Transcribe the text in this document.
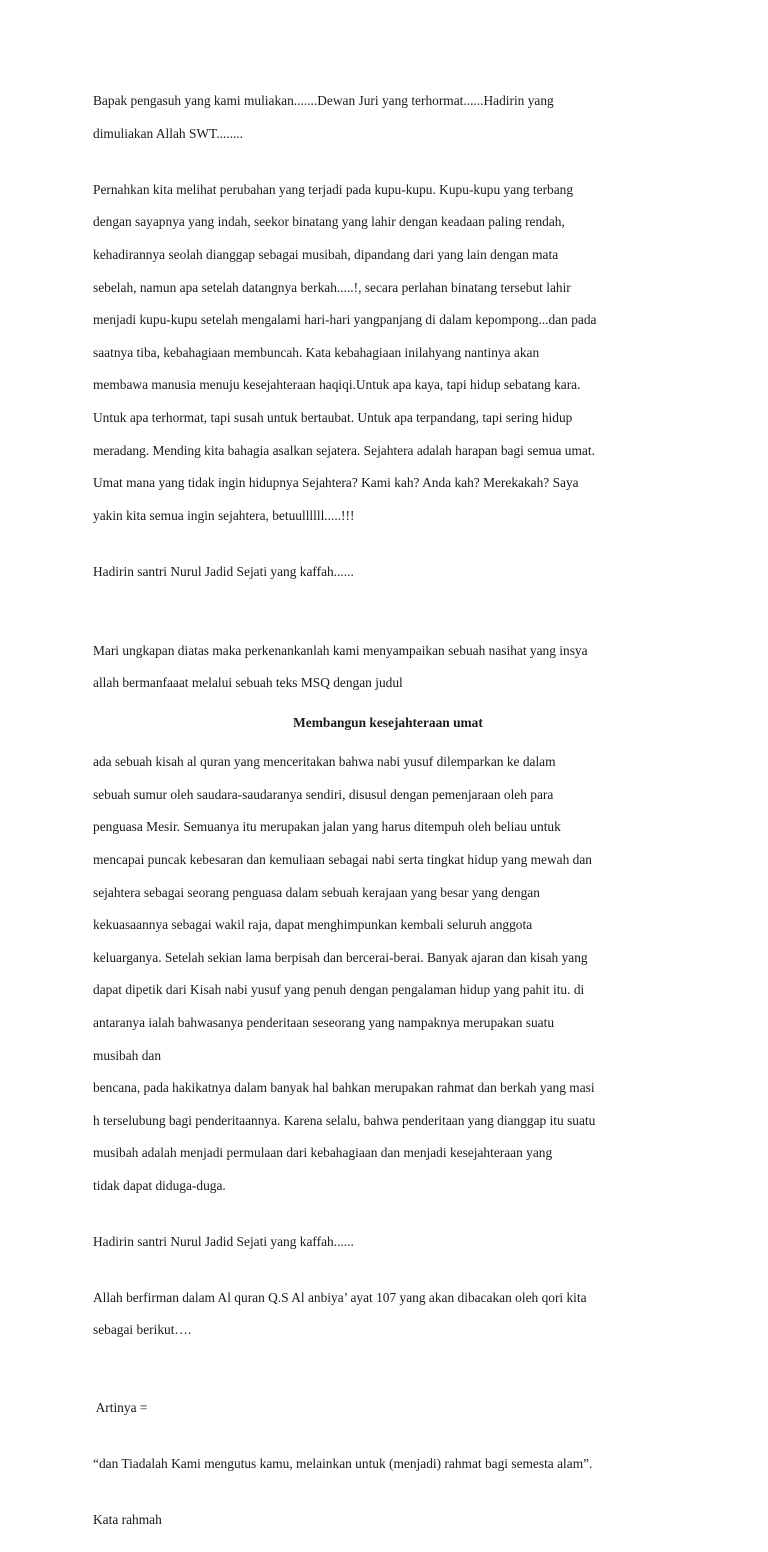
Bapak pengasuh yang kami muliakan.......Dewan Juri yang terhormat......Hadirin yang

dimuliakan Allah SWT........

Pernahkan kita melihat perubahan yang terjadi pada kupu-kupu. Kupu-kupu yang terbang

dengan sayapnya yang indah, seekor binatang yang lahir dengan keadaan paling rendah,

kehadirannya seolah dianggap sebagai musibah, dipandang dari yang lain dengan mata

sebelah, namun apa setelah datangnya berkah.....!, secara perlahan binatang tersebut lahir

menjadi kupu-kupu setelah mengalami hari-hari yangpanjang di dalam kepompong...dan pada

saatnya tiba, kebahagiaan membuncah. Kata kebahagiaan inilahyang nantinya akan

membawa manusia menuju kesejahteraan haqiqi.Untuk apa kaya, tapi hidup sebatang kara.

Untuk apa terhormat, tapi susah untuk bertaubat. Untuk apa terpandang, tapi sering hidup

meradang. Mending kita bahagia asalkan sejatera. Sejahtera adalah harapan bagi semua umat.

Umat mana yang tidak ingin hidupnya Sejahtera? Kami kah? Anda kah? Merekakah? Saya

yakin kita semua ingin sejahtera, betuullllll.....!!!

Hadirin santri Nurul Jadid Sejati yang kaffah......

Mari ungkapan diatas maka perkenankanlah kami menyampaikan sebuah nasihat yang insya

allah bermanfaaat melalui sebuah teks MSQ dengan judul

Membangun kesejahteraan umat

ada sebuah kisah al quran yang menceritakan bahwa nabi yusuf dilemparkan ke dalam

sebuah sumur oleh saudara-saudaranya sendiri, disusul dengan pemenjaraan oleh para

penguasa Mesir. Semuanya itu merupakan jalan yang harus ditempuh oleh beliau untuk

mencapai puncak kebesaran dan kemuliaan sebagai nabi serta tingkat hidup yang mewah dan

sejahtera sebagai seorang penguasa dalam sebuah kerajaan yang besar yang dengan

kekuasaannya sebagai wakil raja, dapat menghimpunkan kembali seluruh anggota

keluarganya. Setelah sekian lama berpisah dan bercerai-berai. Banyak ajaran dan kisah yang

dapat dipetik dari Kisah nabi yusuf yang penuh dengan pengalaman hidup yang pahit itu. di

antaranya ialah bahwasanya penderitaan seseorang yang nampaknya merupakan suatu

musibah dan

bencana, pada hakikatnya dalam banyak hal bahkan merupakan rahmat dan berkah yang masi

h terselubung bagi penderitaannya. Karena selalu, bahwa penderitaan yang dianggap itu suatu

musibah adalah menjadi permulaan dari kebahagiaan dan menjadi kesejahteraan yang

tidak dapat diduga-duga.

Hadirin santri Nurul Jadid Sejati yang kaffah......

Allah berfirman dalam Al quran Q.S Al anbiya’ ayat 107 yang akan dibacakan oleh qori kita

sebagai berikut….

Artinya =

“dan Tiadalah Kami mengutus kamu, melainkan untuk (menjadi) rahmat bagi semesta alam”.

Kata rahmah
